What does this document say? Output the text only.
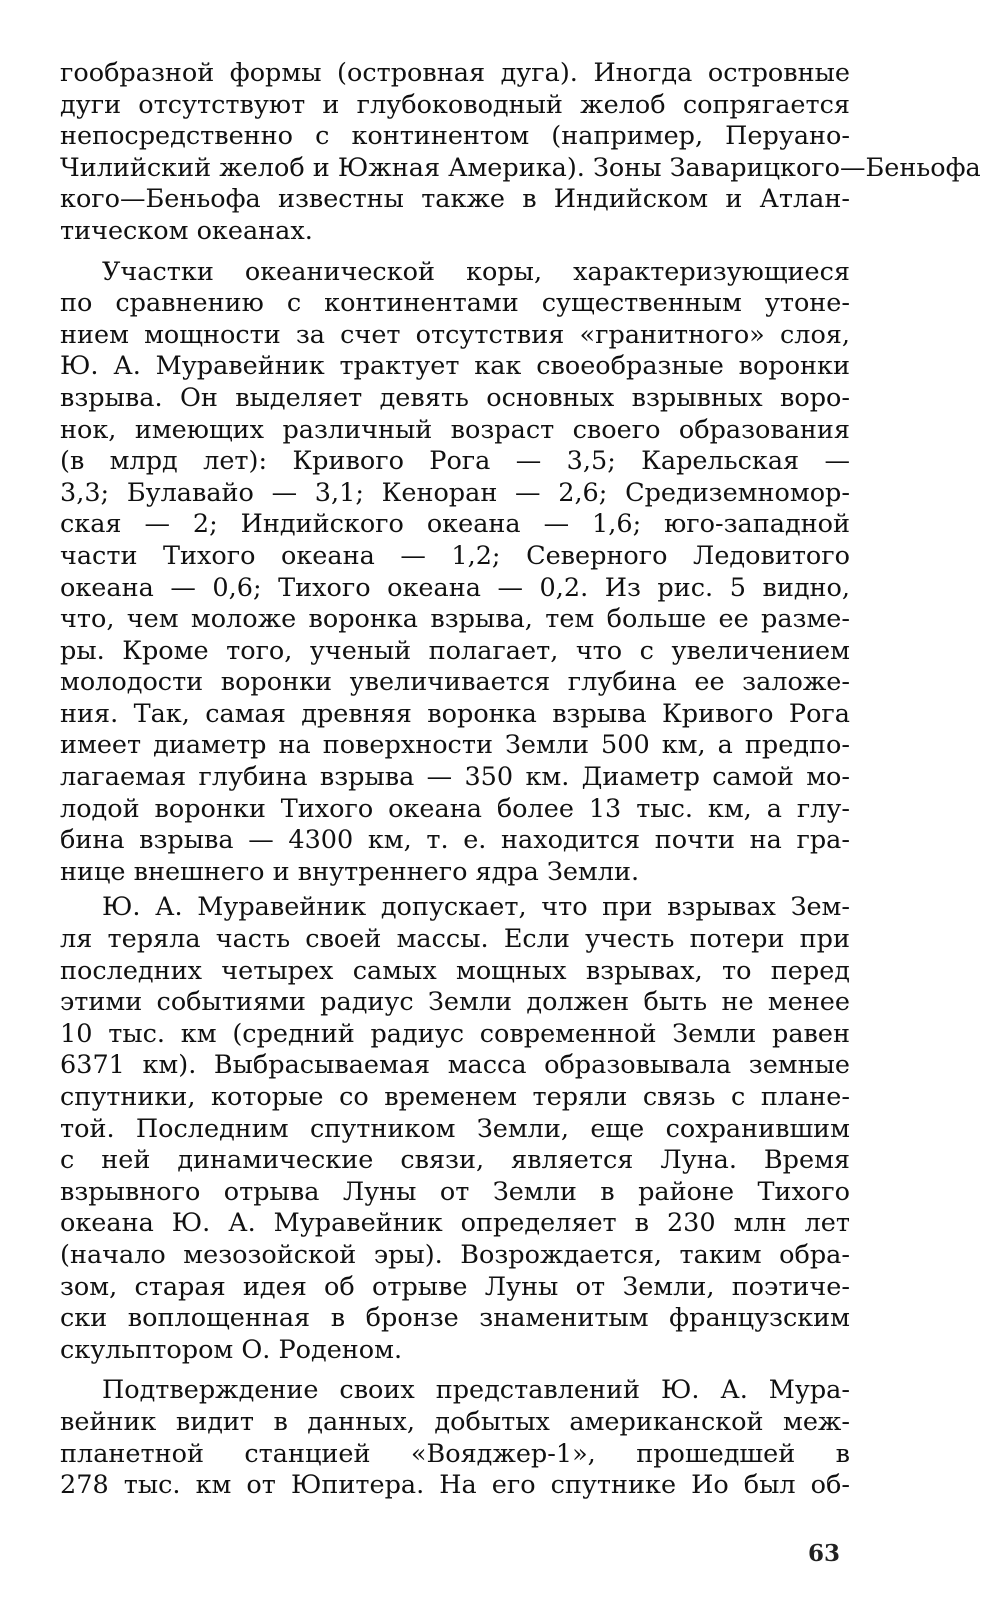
гообразной формы (островная дуга). Иногда островные
дуги отсутствуют и глубоководный желоб сопрягается
непосредственно с континентом (например, Перуано-
Чилийский желоб и Южная Америка). Зоны Заварицкого—Беньофа
кого—Беньофа известны также в Индийском и Атлан-
тическом океанах.
Участки океанической коры, характеризующиеся
по сравнению с континентами существенным утоне-
нием мощности за счет отсутствия «гранитного» слоя,
Ю. А. Муравейник трактует как своеобразные воронки
взрыва. Он выделяет девять основных взрывных воро-
нок, имеющих различный возраст своего образования
(в млрд лет): Кривого Рога — 3,5; Карельская —
3,3; Булавайо — 3,1; Кеноран — 2,6; Средиземномор-
ская — 2; Индийского океана — 1,6; юго-западной
части Тихого океана — 1,2; Северного Ледовитого
океана — 0,6; Тихого океана — 0,2. Из рис. 5 видно,
что, чем моложе воронка взрыва, тем больше ее разме-
ры. Кроме того, ученый полагает, что с увеличением
молодости воронки увеличивается глубина ее заложе-
ния. Так, самая древняя воронка взрыва Кривого Рога
имеет диаметр на поверхности Земли 500 км, а предпо-
лагаемая глубина взрыва — 350 км. Диаметр самой мо-
лодой воронки Тихого океана более 13 тыс. км, а глу-
бина взрыва — 4300 км, т. е. находится почти на гра-
нице внешнего и внутреннего ядра Земли.
Ю. А. Муравейник допускает, что при взрывах Зем-
ля теряла часть своей массы. Если учесть потери при
последних четырех самых мощных взрывах, то перед
этими событиями радиус Земли должен быть не менее
10 тыс. км (средний радиус современной Земли равен
6371 км). Выбрасываемая масса образовывала земные
спутники, которые со временем теряли связь с плане-
той. Последним спутником Земли, еще сохранившим
с ней динамические связи, является Луна. Время
взрывного отрыва Луны от Земли в районе Тихого
океана Ю. А. Муравейник определяет в 230 млн лет
(начало мезозойской эры). Возрождается, таким обра-
зом, старая идея об отрыве Луны от Земли, поэтиче-
ски воплощенная в бронзе знаменитым французским
скульптором О. Роденом.
Подтверждение своих представлений Ю. А. Мура-
вейник видит в данных, добытых американской меж-
планетной станцией «Вояджер-1», прошедшей в
278 тыс. км от Юпитера. На его спутнике Ио был об-
63
